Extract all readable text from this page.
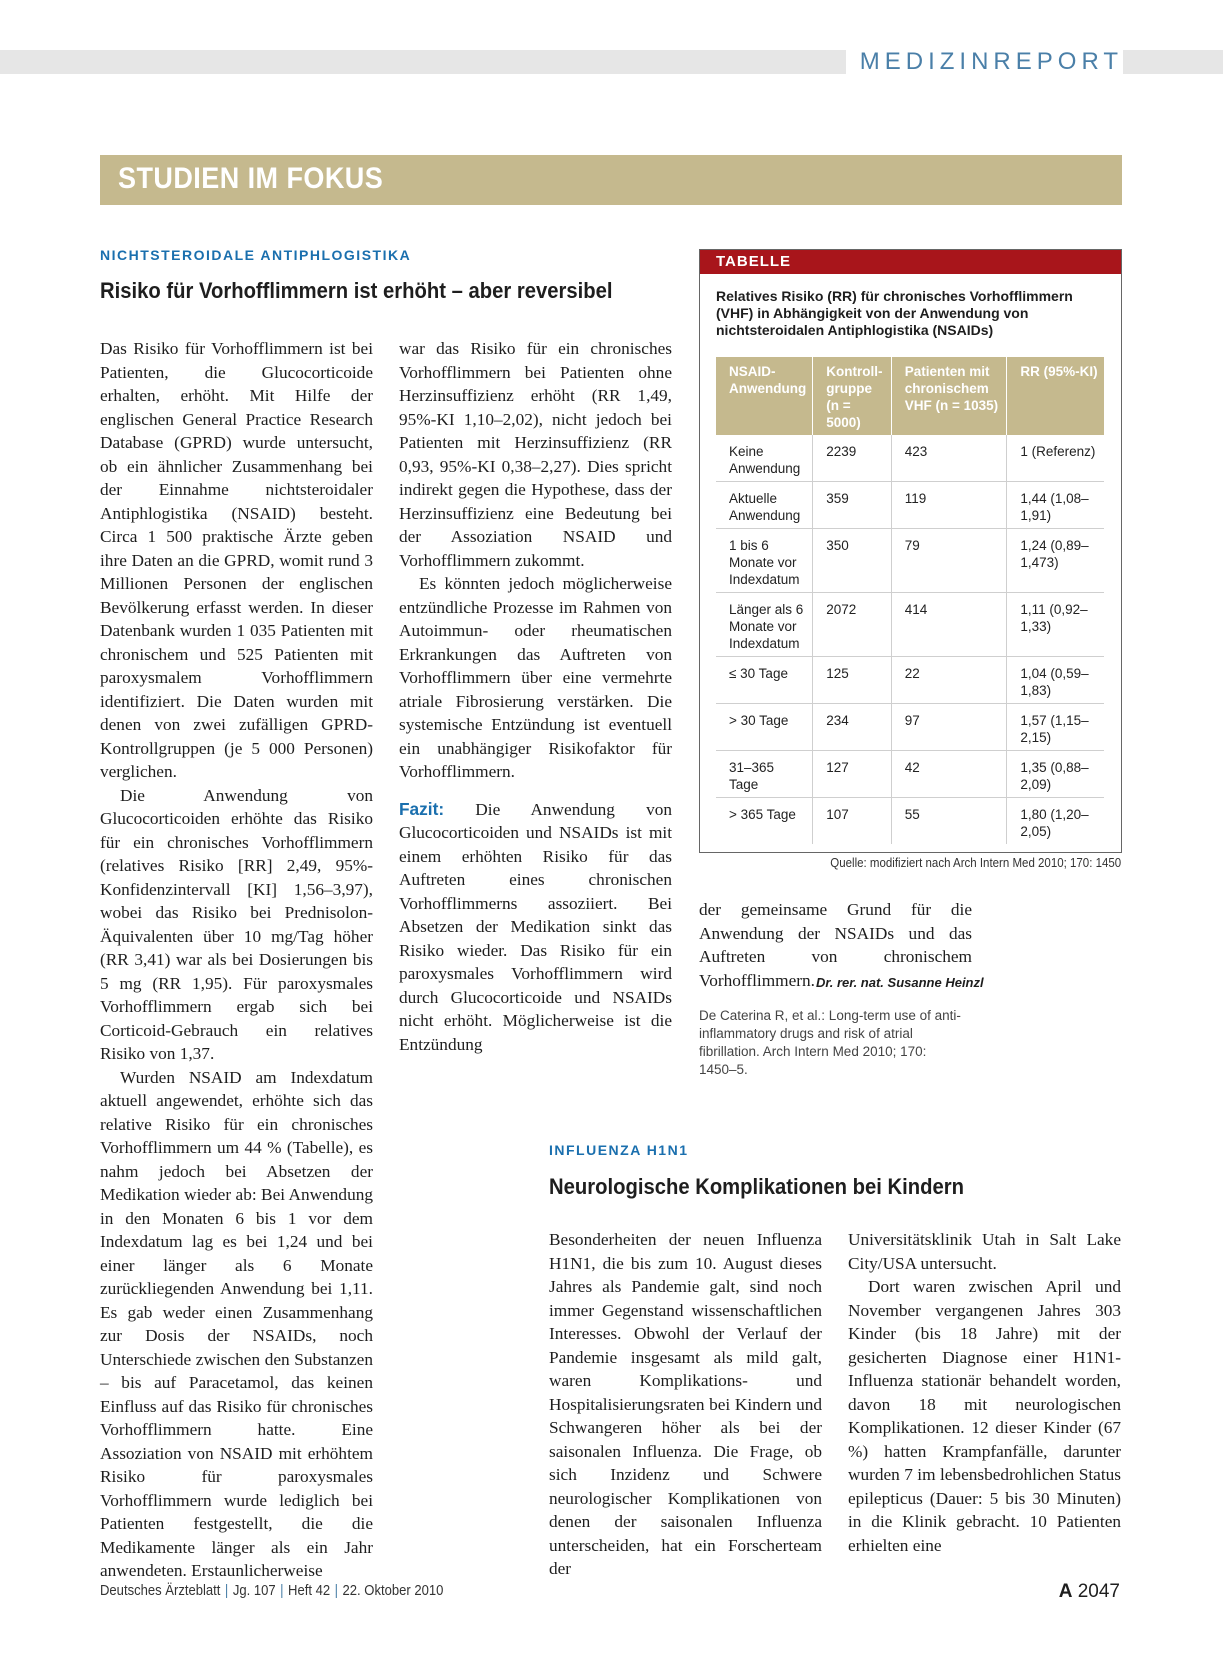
MEDIZINREPORT
STUDIEN IM FOKUS
NICHTSTEROIDALE ANTIPHLOGISTIKA
Risiko für Vorhofflimmern ist erhöht – aber reversibel

Das Risiko für Vorhofflimmern ist bei Patienten, die Glucocorticoide erhalten, erhöht. Mit Hilfe der englischen General Practice Research Database (GPRD) wurde untersucht, ob ein ähnlicher Zusammenhang bei der Einnahme nichtsteroidaler Antiphlogistika (NSAID) besteht. Circa 1 500 praktische Ärzte geben ihre Daten an die GPRD, womit rund 3 Millionen Personen der englischen Bevölkerung erfasst werden. In dieser Datenbank wurden 1 035 Patienten mit chronischem und 525 Patienten mit paroxysmalem Vorhofflimmern identifiziert. Die Daten wurden mit denen von zwei zufälligen GPRD-Kontrollgruppen (je 5 000 Personen) verglichen.

Die Anwendung von Glucocorticoiden erhöhte das Risiko für ein chronisches Vorhofflimmern (relatives Risiko [RR] 2,49, 95%-Konfidenzintervall [KI] 1,56–3,97), wobei das Risiko bei Prednisolon-Äquivalenten über 10 mg/Tag höher (RR 3,41) war als bei Dosierungen bis 5 mg (RR 1,95). Für paroxysmales Vorhofflimmern ergab sich bei Corticoid-Gebrauch ein relatives Risiko von 1,37.

Wurden NSAID am Indexdatum aktuell angewendet, erhöhte sich das relative Risiko für ein chronisches Vorhofflimmern um 44 % (Tabelle), es nahm jedoch bei Absetzen der Medikation wieder ab: Bei Anwendung in den Monaten 6 bis 1 vor dem Indexdatum lag es bei 1,24 und bei einer länger als 6 Monate zurückliegenden Anwendung bei 1,11. Es gab weder einen Zusammenhang zur Dosis der NSAIDs, noch Unterschiede zwischen den Substanzen – bis auf Paracetamol, das keinen Einfluss auf das Risiko für chronisches Vorhofflimmern hatte. Eine Assoziation von NSAID mit erhöhtem Risiko für paroxysmales Vorhofflimmern wurde lediglich bei Patienten festgestellt, die die Medikamente länger als ein Jahr anwendeten. Erstaunlicherweise

war das Risiko für ein chronisches Vorhofflimmern bei Patienten ohne Herzinsuffizienz erhöht (RR 1,49, 95%-KI 1,10–2,02), nicht jedoch bei Patienten mit Herzinsuffizienz (RR 0,93, 95%-KI 0,38–2,27). Dies spricht indirekt gegen die Hypothese, dass der Herzinsuffizienz eine Bedeutung bei der Assoziation NSAID und Vorhofflimmern zukommt.

Es könnten jedoch möglicherweise entzündliche Prozesse im Rahmen von Autoimmun- oder rheumatischen Erkrankungen das Auftreten von Vorhofflimmern über eine vermehrte atriale Fibrosierung verstärken. Die systemische Entzündung ist eventuell ein unabhängiger Risikofaktor für Vorhofflimmern.

Fazit: Die Anwendung von Glucocorticoiden und NSAIDs ist mit einem erhöhten Risiko für das Auftreten eines chronischen Vorhofflimmerns assoziiert. Bei Absetzen der Medikation sinkt das Risiko wieder. Das Risiko für ein paroxysmales Vorhofflimmern wird durch Glucocorticoide und NSAIDs nicht erhöht. Möglicherweise ist die Entzündung

der gemeinsame Grund für die Anwendung der NSAIDs und das Auftreten von chronischem Vorhofflimmern. Dr. rer. nat. Susanne Heinzl
De Caterina R, et al.: Long-term use of anti-inflammatory drugs and risk of atrial fibrillation. Arch Intern Med 2010; 170: 1450–5.
TABELLE
Relatives Risiko (RR) für chronisches Vorhofflimmern (VHF) in Abhängigkeit von der Anwendung von nichtsteroidalen Antiphlogistika (NSAIDs)
NSAID-Anwendung	Kontroll-gruppe (n = 5000)	Patienten mit chronischem VHF (n = 1035)	RR (95%-KI)
Keine Anwendung	2239	423	1 (Referenz)
Aktuelle Anwendung	359	119	1,44 (1,08–1,91)
1 bis 6 Monate vor Indexdatum	350	79	1,24 (0,89–1,473)
Länger als 6 Monate vor Indexdatum	2072	414	1,11 (0,92–1,33)
≤ 30 Tage	125	22	1,04 (0,59–1,83)
> 30 Tage	234	97	1,57 (1,15–2,15)
31–365 Tage	127	42	1,35 (0,88–2,09)
> 365 Tage	107	55	1,80 (1,20–2,05)
Quelle: modifiziert nach Arch Intern Med 2010; 170: 1450
INFLUENZA H1N1
Neurologische Komplikationen bei Kindern

Besonderheiten der neuen Influenza H1N1, die bis zum 10. August dieses Jahres als Pandemie galt, sind noch immer Gegenstand wissenschaftlichen Interesses. Obwohl der Verlauf der Pandemie insgesamt als mild galt, waren Komplikations- und Hospitalisierungsraten bei Kindern und Schwangeren höher als bei der saisonalen Influenza. Die Frage, ob sich Inzidenz und Schwere neurologischer Komplikationen von denen der saisonalen Influenza unterscheiden, hat ein Forscherteam der

Universitätsklinik Utah in Salt Lake City/USA untersucht.

Dort waren zwischen April und November vergangenen Jahres 303 Kinder (bis 18 Jahre) mit der gesicherten Diagnose einer H1N1-Influenza stationär behandelt worden, davon 18 mit neurologischen Komplikationen. 12 dieser Kinder (67 %) hatten Krampfanfälle, darunter wurden 7 im lebensbedrohlichen Status epilepticus (Dauer: 5 bis 30 Minuten) in die Klinik gebracht. 10 Patienten erhielten eine

Deutsches Ärzteblatt | Jg. 107 | Heft 42 | 22. Oktober 2010	A 2047
